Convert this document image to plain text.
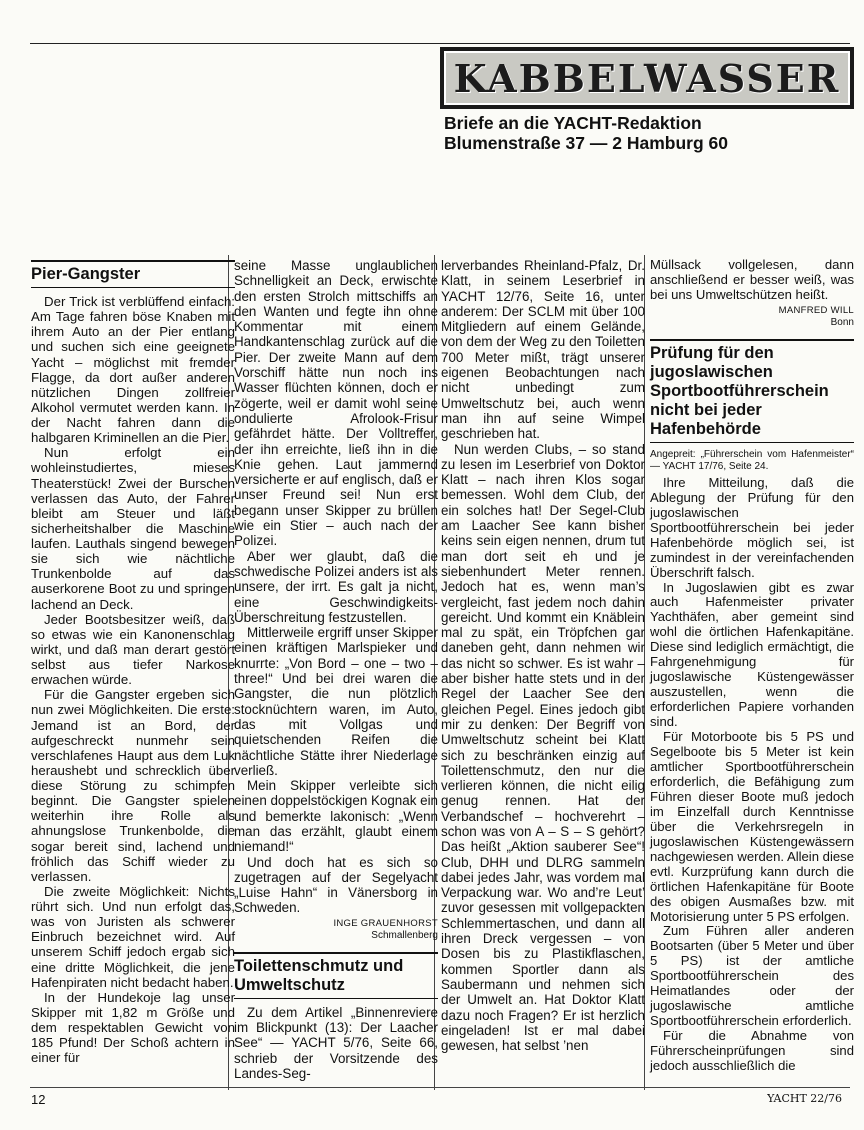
KABBELWASSER
Briefe an die YACHT-Redaktion
Blumenstraße 37 — 2 Hamburg 60
Pier-Gangster

Der Trick ist verblüffend einfach: Am Tage fahren böse Knaben mit ihrem Auto an der Pier entlang und suchen sich eine geeignete Yacht – möglichst mit fremder Flagge, da dort außer anderen nützlichen Dingen zollfreier Alkohol vermutet werden kann. In der Nacht fahren dann die halbgaren Kriminellen an die Pier.

Nun erfolgt ein wohleinstudiertes, mieses Theaterstück! Zwei der Burschen verlassen das Auto, der Fahrer bleibt am Steuer und läßt sicherheitshalber die Maschine laufen. Lauthals singend bewegen sie sich wie nächtliche Trunkenbolde auf das auserkorene Boot zu und springen lachend an Deck.

Jeder Bootsbesitzer weiß, daß so etwas wie ein Kanonenschlag wirkt, und daß man derart gestört selbst aus tiefer Narkose erwachen würde.

Für die Gangster ergeben sich nun zwei Möglichkeiten. Die erste: Jemand ist an Bord, der aufgeschreckt nunmehr sein verschlafenes Haupt aus dem Luk heraushebt und schrecklich über diese Störung zu schimpfen beginnt. Die Gangster spielen weiterhin ihre Rolle als ahnungslose Trunkenbolde, die sogar bereit sind, lachend und fröhlich das Schiff wieder zu verlassen.

Die zweite Möglichkeit: Nichts rührt sich. Und nun erfolgt das, was von Juristen als schwerer Einbruch bezeichnet wird. Auf unserem Schiff jedoch ergab sich eine dritte Möglichkeit, die jene Hafenpiraten nicht bedacht haben.

In der Hundekoje lag unser Skipper mit 1,82 m Größe und dem respektablen Gewicht von 185 Pfund! Der Schoß achtern in einer für

seine Masse unglaublichen Schnelligkeit an Deck, erwischte den ersten Strolch mittschiffs an den Wanten und fegte ihn ohne Kommentar mit einem Handkantenschlag zurück auf die Pier. Der zweite Mann auf dem Vorschiff hätte nun noch ins Wasser flüchten können, doch er zögerte, weil er damit wohl seine ondulierte Afrolook-Frisur gefährdet hätte. Der Volltreffer, der ihn erreichte, ließ ihn in die Knie gehen. Laut jammernd versicherte er auf englisch, daß er unser Freund sei! Nun erst begann unser Skipper zu brüllen wie ein Stier – auch nach der Polizei.

Aber wer glaubt, daß die schwedische Polizei anders ist als unsere, der irrt. Es galt ja nicht, eine Geschwindigkeits-Überschreitung festzustellen.

Mittlerweile ergriff unser Skipper einen kräftigen Marlspieker und knurrte: „Von Bord – one – two – three!“ Und bei drei waren die Gangster, die nun plötzlich stocknüchtern waren, im Auto, das mit Vollgas und quietschenden Reifen die nächtliche Stätte ihrer Niederlage verließ.

Mein Skipper verleibte sich einen doppelstöckigen Kognak ein und bemerkte lakonisch: „Wenn man das erzählt, glaubt einem niemand!“

Und doch hat es sich so zugetragen auf der Segelyacht „Luise Hahn“ in Vänersborg in Schweden.

INGE GRAUENHORST
Schmallenberg
Toilettenschmutz und Umweltschutz

Zu dem Artikel „Binnenreviere im Blickpunkt (13): Der Laacher See“ — YACHT 5/76, Seite 66, schrieb der Vorsitzende des Landes-Seg-

lerverbandes Rheinland-Pfalz, Dr. Klatt, in seinem Leserbrief in YACHT 12/76, Seite 16, unter anderem: Der SCLM mit über 100 Mitgliedern auf einem Gelände, von dem der Weg zu den Toiletten 700 Meter mißt, trägt unserer eigenen Beobachtungen nach nicht unbedingt zum Umweltschutz bei, auch wenn man ihn auf seine Wimpel geschrieben hat.

Nun werden Clubs, – so stand zu lesen im Leserbrief von Doktor Klatt – nach ihren Klos sogar bemessen. Wohl dem Club, der ein solches hat! Der Segel-Club am Laacher See kann bisher keins sein eigen nennen, drum tut man dort seit eh und je siebenhundert Meter rennen. Jedoch hat es, wenn man’s vergleicht, fast jedem noch dahin gereicht. Und kommt ein Knäblein mal zu spät, ein Tröpfchen gar daneben geht, dann nehmen wir das nicht so schwer. Es ist wahr – aber bisher hatte stets und in der Regel der Laacher See den gleichen Pegel. Eines jedoch gibt mir zu denken: Der Begriff von Umweltschutz scheint bei Klatt sich zu beschränken einzig auf Toilettenschmutz, den nur die verlieren können, die nicht eilig genug rennen. Hat der Verbandschef – hochverehrt – schon was von A – S – S gehört? Das heißt „Aktion sauberer See“! Club, DHH und DLRG sammeln dabei jedes Jahr, was vordem mal Verpackung war. Wo and’re Leut’ zuvor gesessen mit vollgepackten Schlemmertaschen, und dann all ihren Dreck vergessen – von Dosen bis zu Plastikflaschen, kommen Sportler dann als Saubermann und nehmen sich der Umwelt an. Hat Doktor Klatt dazu noch Fragen? Er ist herzlich eingeladen! Ist er mal dabei gewesen, hat selbst ’nen

Müllsack vollgelesen, dann anschließend er besser weiß, was bei uns Umweltschützen heißt.

MANFRED WILL
Bonn
Prüfung für den jugoslawischen Sportbootführerschein nicht bei jeder Hafenbehörde
Angepreit: „Führerschein vom Hafenmeister“ — YACHT 17/76, Seite 24.

Ihre Mitteilung, daß die Ablegung der Prüfung für den jugoslawischen Sportbootführerschein bei jeder Hafenbehörde möglich sei, ist zumindest in der vereinfachenden Überschrift falsch.

In Jugoslawien gibt es zwar auch Hafenmeister privater Yachthäfen, aber gemeint sind wohl die örtlichen Hafenkapitäne. Diese sind lediglich ermächtigt, die Fahrgenehmigung für jugoslawische Küstengewässer auszustellen, wenn die erforderlichen Papiere vorhanden sind.

Für Motorboote bis 5 PS und Segelboote bis 5 Meter ist kein amtlicher Sportbootführerschein erforderlich, die Befähigung zum Führen dieser Boote muß jedoch im Einzelfall durch Kenntnisse über die Verkehrsregeln in jugoslawischen Küstengewässern nachgewiesen werden. Allein diese evtl. Kurzprüfung kann durch die örtlichen Hafenkapitäne für Boote des obigen Ausmaßes bzw. mit Motorisierung unter 5 PS erfolgen.

Zum Führen aller anderen Bootsarten (über 5 Meter und über 5 PS) ist der amtliche Sportbootführerschein des Heimatlandes oder der jugoslawische amtliche Sportbootführerschein erforderlich.

Für die Abnahme von Führerscheinprüfungen sind jedoch ausschließlich die

12	YACHT 22/76
